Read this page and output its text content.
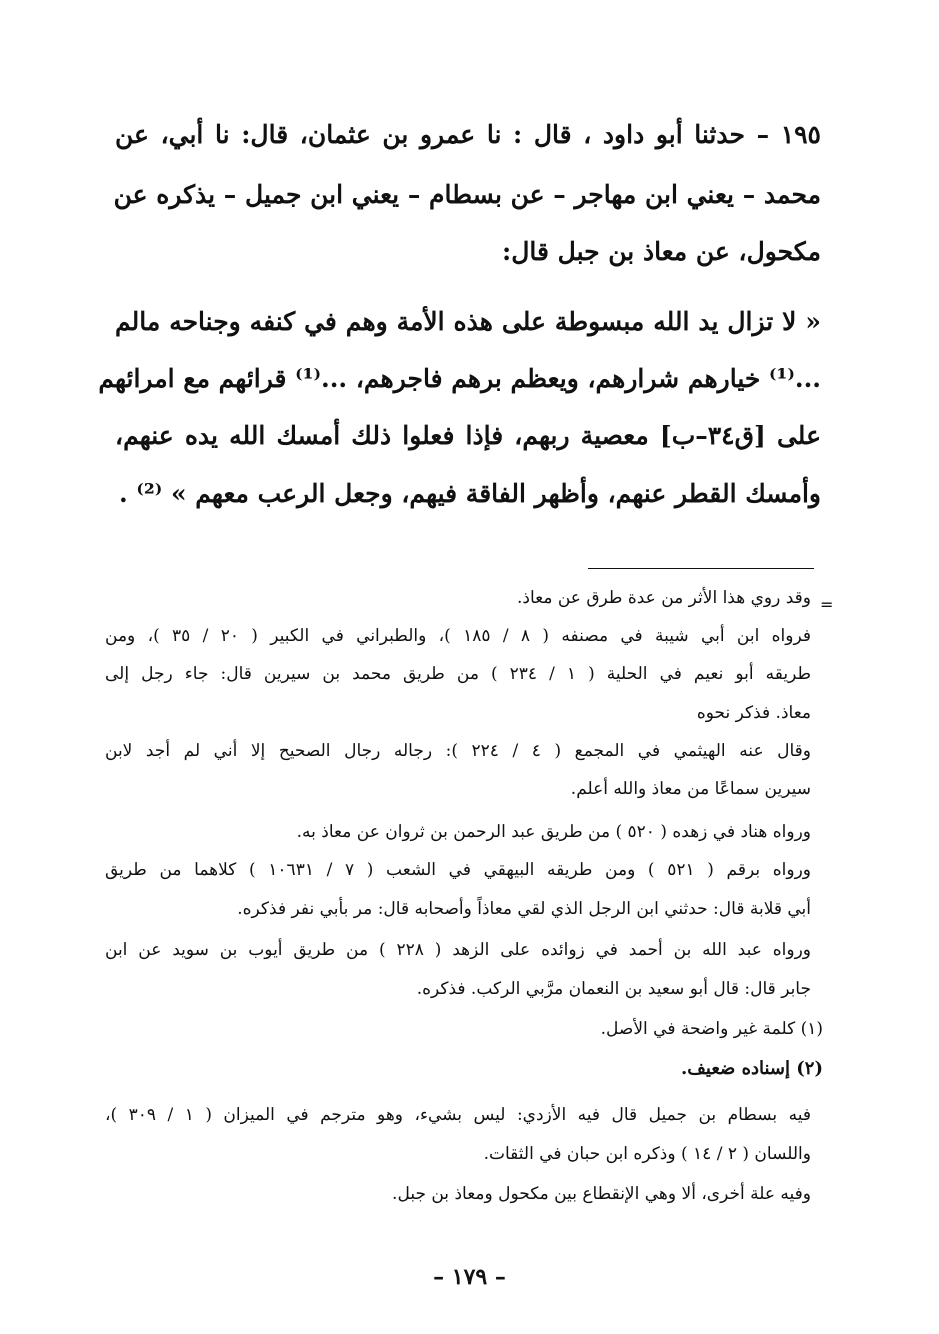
١٩٥ – حدثنا أبو داود ، قال : نا عمرو بن عثمان، قال: نا أبي، عن
محمد – يعني ابن مهاجر – عن بسطام – يعني ابن جميل – يذكره عن
مكحول، عن معاذ بن جبل قال:
« لا تزال يد الله مبسوطة على هذه الأمة وهم في كنفه وجناحه مالم
...⁽¹⁾ خيارهم شرارهم، ويعظم برهم فاجرهم، ...⁽¹⁾ قرائهم مع امرائهم
على [ق٣٤–ب] معصية ربهم، فإذا فعلوا ذلك أمسك الله يده عنهم،
وأمسك القطر عنهم، وأظهر الفاقة فيهم، وجعل الرعب معهم » ⁽²⁾ .
=
وقد روي هذا الأثر من عدة طرق عن معاذ.
فرواه ابن أبي شيبة في مصنفه ( ٨ / ١٨٥ )، والطبراني في الكبير ( ٢٠ / ٣٥ )، ومن
طريقه أبو نعيم في الحلية ( ١ / ٢٣٤ ) من طريق محمد بن سيرين قال: جاء رجل إلى
معاذ. فذكر نحوه
وقال عنه الهيثمي في المجمع ( ٤ / ٢٢٤ ): رجاله رجال الصحيح إلا أني لم أجد لابن
سيرين سماعًا من معاذ والله أعلم.
ورواه هناد في زهده ( ٥٢٠ ) من طريق عبد الرحمن بن ثروان عن معاذ به.
ورواه برقم ( ٥٢١ ) ومن طريقه البيهقي في الشعب ( ٧ / ١٠٦٣١ ) كلاهما من طريق
أبي قلابة قال: حدثني ابن الرجل الذي لقي معاذاً وأصحابه قال: مر بأبي نفر فذكره.
ورواه عبد الله بن أحمد في زوائده على الزهد ( ٢٢٨ ) من طريق أيوب بن سويد عن ابن
جابر قال: قال أبو سعيد بن النعمان مرَّبي الركب. فذكره.
(١) كلمة غير واضحة في الأصل.
(٢) إسناده ضعيف.
فيه بسطام بن جميل قال فيه الأزدي: ليس بشيء، وهو مترجم في الميزان ( ١ / ٣٠٩ )،
واللسان ( ٢ / ١٤ ) وذكره ابن حبان في الثقات.
وفيه علة أخرى، ألا وهي الإنقطاع بين مكحول ومعاذ بن جبل.
– ١٧٩ –
